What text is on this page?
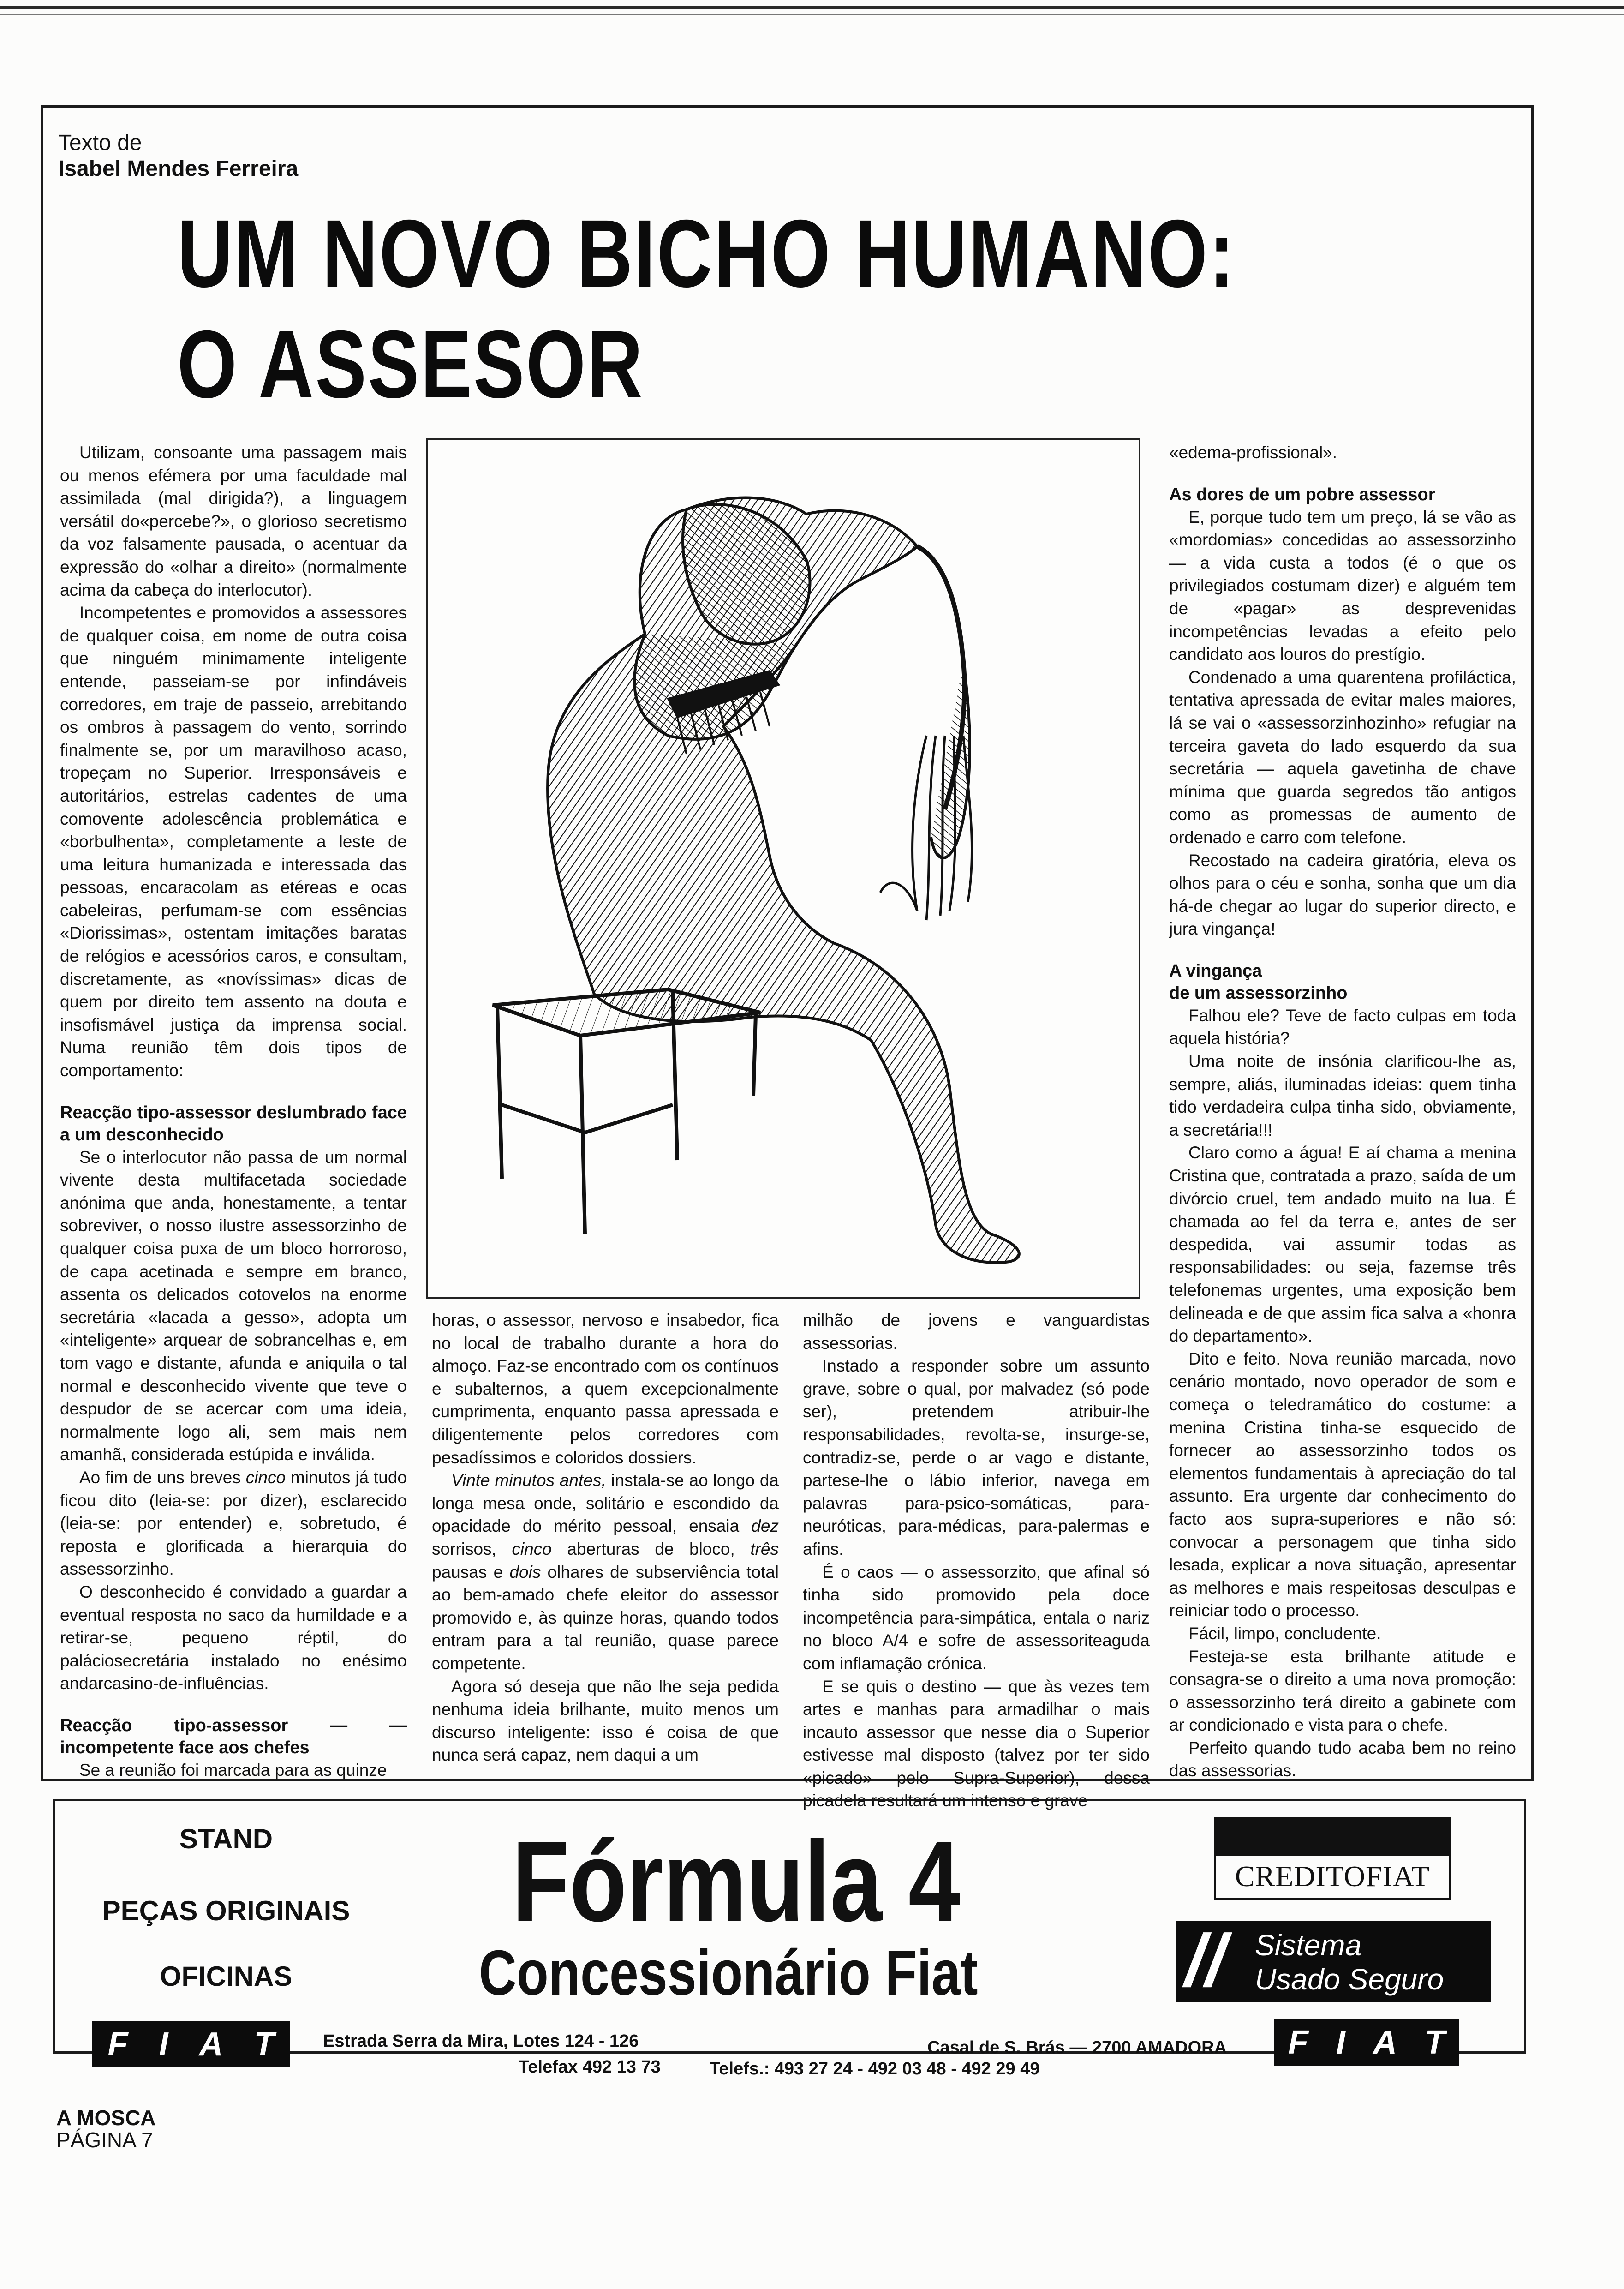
Texto de
Isabel Mendes Ferreira
UM NOVO BICHO HUMANO:
O ASSESOR

Utilizam, consoante uma passagem mais ou menos efémera por uma faculdade mal assimilada (mal dirigida?), a linguagem versátil do«percebe?», o glorioso secretismo da voz falsamente pausada, o acentuar da expressão do «olhar a direito» (normalmente acima da cabeça do interlocutor).

Incompetentes e promovidos a assessores de qualquer coisa, em nome de outra coisa que ninguém minimamente inteligente entende, passeiam-se por infindáveis corredores, em traje de passeio, arrebitando os ombros à passagem do vento, sorrindo finalmente se, por um maravilhoso acaso, tropeçam no Superior. Irresponsáveis e autoritários, estrelas cadentes de uma comovente adolescência problemática e «borbulhenta», completamente a leste de uma leitura humanizada e interessada das pessoas, encaracolam as etéreas e ocas cabeleiras, perfumam-se com essências «Diorissimas», ostentam imitações baratas de relógios e acessórios caros, e consultam, discretamente, as «novíssimas» dicas de quem por direito tem assento na douta e insofismável justiça da imprensa social. Numa reunião têm dois tipos de comportamento:

Reacção tipo-assessor deslumbrado face a um desconhecido

Se o interlocutor não passa de um normal vivente desta multifacetada sociedade anónima que anda, honestamente, a tentar sobreviver, o nosso ilustre assessorzinho de qualquer coisa puxa de um bloco horroroso, de capa acetinada e sempre em branco, assenta os delicados cotovelos na enorme secretária «lacada a gesso», adopta um «inteligente» arquear de sobrancelhas e, em tom vago e distante, afunda e aniquila o tal normal e desconhecido vivente que teve o despudor de se acercar com uma ideia, normalmente logo ali, sem mais nem amanhã, considerada estúpida e inválida.

Ao fim de uns breves cinco minutos já tudo ficou dito (leia-se: por dizer), esclarecido (leia-se: por entender) e, sobretudo, é reposta e glorificada a hierarquia do assessorzinho.

O desconhecido é convidado a guardar a eventual resposta no saco da humildade e a retirar-se, pequeno réptil, do paláciosecretária instalado no enésimo andarcasino-de-influências.

Reacção tipo-assessor — — incompetente face aos chefes

Se a reunião foi marcada para as quinze

horas, o assessor, nervoso e insabedor, fica no local de trabalho durante a hora do almoço. Faz-se encontrado com os contínuos e subalternos, a quem excepcionalmente cumprimenta, enquanto passa apressada e diligentemente pelos corredores com pesadíssimos e coloridos dossiers.

Vinte minutos antes, instala-se ao longo da longa mesa onde, solitário e escondido da opacidade do mérito pessoal, ensaia dez sorrisos, cinco aberturas de bloco, três pausas e dois olhares de subserviência total ao bem-amado chefe eleitor do assessor promovido e, às quinze horas, quando todos entram para a tal reunião, quase parece competente.

Agora só deseja que não lhe seja pedida nenhuma ideia brilhante, muito menos um discurso inteligente: isso é coisa de que nunca será capaz, nem daqui a um

milhão de jovens e vanguardistas assessorias.

Instado a responder sobre um assunto grave, sobre o qual, por malvadez (só pode ser), pretendem atribuir-lhe responsabilidades, revolta-se, insurge-se, contradiz-se, perde o ar vago e distante, partese-lhe o lábio inferior, navega em palavras para-psico-somáticas, para-neuróticas, para-médicas, para-palermas e afins.

É o caos — o assessorzito, que afinal só tinha sido promovido pela doce incompetência para-simpática, entala o nariz no bloco A/4 e sofre de assessoriteaguda com inflamação crónica.

E se quis o destino — que às vezes tem artes e manhas para armadilhar o mais incauto assessor que nesse dia o Superior estivesse mal disposto (talvez por ter sido «picado» pelo Supra-Superior), dessa picadela resultará um intenso e grave

«edema-profissional».

As dores de um pobre assessor

E, porque tudo tem um preço, lá se vão as «mordomias» concedidas ao assessorzinho — a vida custa a todos (é o que os privilegiados costumam dizer) e alguém tem de «pagar» as desprevenidas incompetências levadas a efeito pelo candidato aos louros do prestígio.

Condenado a uma quarentena profiláctica, tentativa apressada de evitar males maiores, lá se vai o «assessorzinhozinho» refugiar na terceira gaveta do lado esquerdo da sua secretária — aquela gavetinha de chave mínima que guarda segredos tão antigos como as promessas de aumento de ordenado e carro com telefone.

Recostado na cadeira giratória, eleva os olhos para o céu e sonha, sonha que um dia há-de chegar ao lugar do superior directo, e jura vingança!

A vingança
de um assessorzinho

Falhou ele? Teve de facto culpas em toda aquela história?

Uma noite de insónia clarificou-lhe as, sempre, aliás, iluminadas ideias: quem tinha tido verdadeira culpa tinha sido, obviamente, a secretária!!!

Claro como a água! E aí chama a menina Cristina que, contratada a prazo, saída de um divórcio cruel, tem andado muito na lua. É chamada ao fel da terra e, antes de ser despedida, vai assumir todas as responsabilidades: ou seja, fazemse três telefonemas urgentes, uma exposição bem delineada e de que assim fica salva a «honra do departamento».

Dito e feito. Nova reunião marcada, novo cenário montado, novo operador de som e começa o teledramático do costume: a menina Cristina tinha-se esquecido de fornecer ao assessorzinho todos os elementos fundamentais à apreciação do tal assunto. Era urgente dar conhecimento do facto aos supra-superiores e não só: convocar a personagem que tinha sido lesada, explicar a nova situação, apresentar as melhores e mais respeitosas desculpas e reiniciar todo o processo.

Fácil, limpo, concludente.

Festeja-se esta brilhante atitude e consagra-se o direito a uma nova promoção: o assessorzinho terá direito a gabinete com ar condicionado e vista para o chefe.

Perfeito quando tudo acaba bem no reino das assessorias.

STAND
PEÇAS ORIGINAIS
OFICINAS
Fórmula 4
Concessionário Fiat
CREDITOFIAT
// Sistema
Usado Seguro
F I A T	F I A T
Estrada Serra da Mira, Lotes 124 - 126
Telefax 492 13 73
Casal de S. Brás — 2700 AMADORA
Telefs.: 493 27 24 - 492 03 48 - 492 29 49
A MOSCA
PÁGINA 7
